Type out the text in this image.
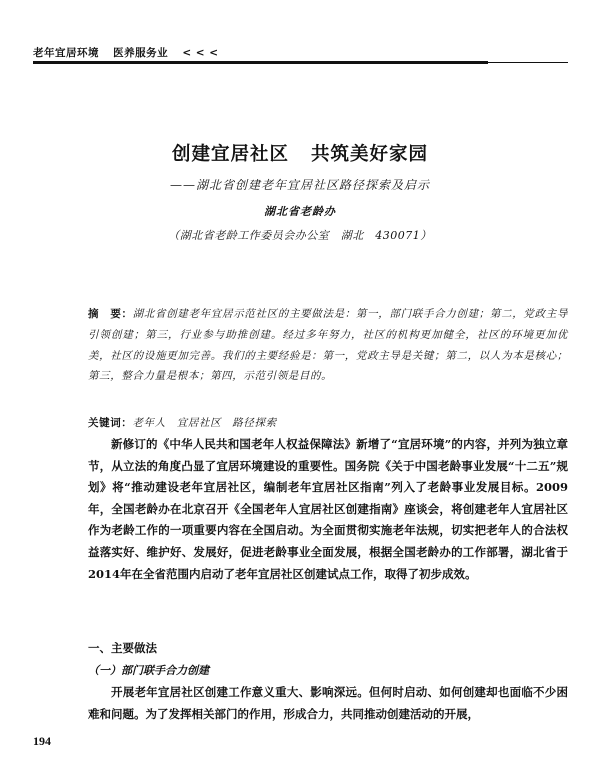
老年宜居环境 医养服务业 < < <
创建宜居社区 共筑美好家园
——湖北省创建老年宜居社区路径探索及启示
湖北省老龄办
（湖北省老龄工作委员会办公室　湖北　430071）
摘　要：湖北省创建老年宜居示范社区的主要做法是：第一，部门联手合力创建；第二，党政主导引领创建；第三，行业参与助推创建。经过多年努力，社区的机构更加健全，社区的环境更加优美，社区的设施更加完善。我们的主要经验是：第一，党政主导是关键；第二，以人为本是核心；第三，整合力量是根本；第四，示范引领是目的。
关键词：老年人　宜居社区　路径探索

新修订的《中华人民共和国老年人权益保障法》新增了“宜居环境”的内容，并列为独立章节，从立法的角度凸显了宜居环境建设的重要性。国务院《关于中国老龄事业发展“十二五”规划》将“推动建设老年宜居社区，编制老年宜居社区指南”列入了老龄事业发展目标。2009年，全国老龄办在北京召开《全国老年人宜居社区创建指南》座谈会，将创建老年人宜居社区作为老龄工作的一项重要内容在全国启动。为全面贯彻实施老年法规，切实把老年人的合法权益落实好、维护好、发展好，促进老龄事业全面发展，根据全国老龄办的工作部署，湖北省于2014年在全省范围内启动了老年宜居社区创建试点工作，取得了初步成效。

一、主要做法
（一）部门联手合力创建

开展老年宜居社区创建工作意义重大、影响深远。但何时启动、如何创建却也面临不少困难和问题。为了发挥相关部门的作用，形成合力，共同推动创建活动的开展，

194
